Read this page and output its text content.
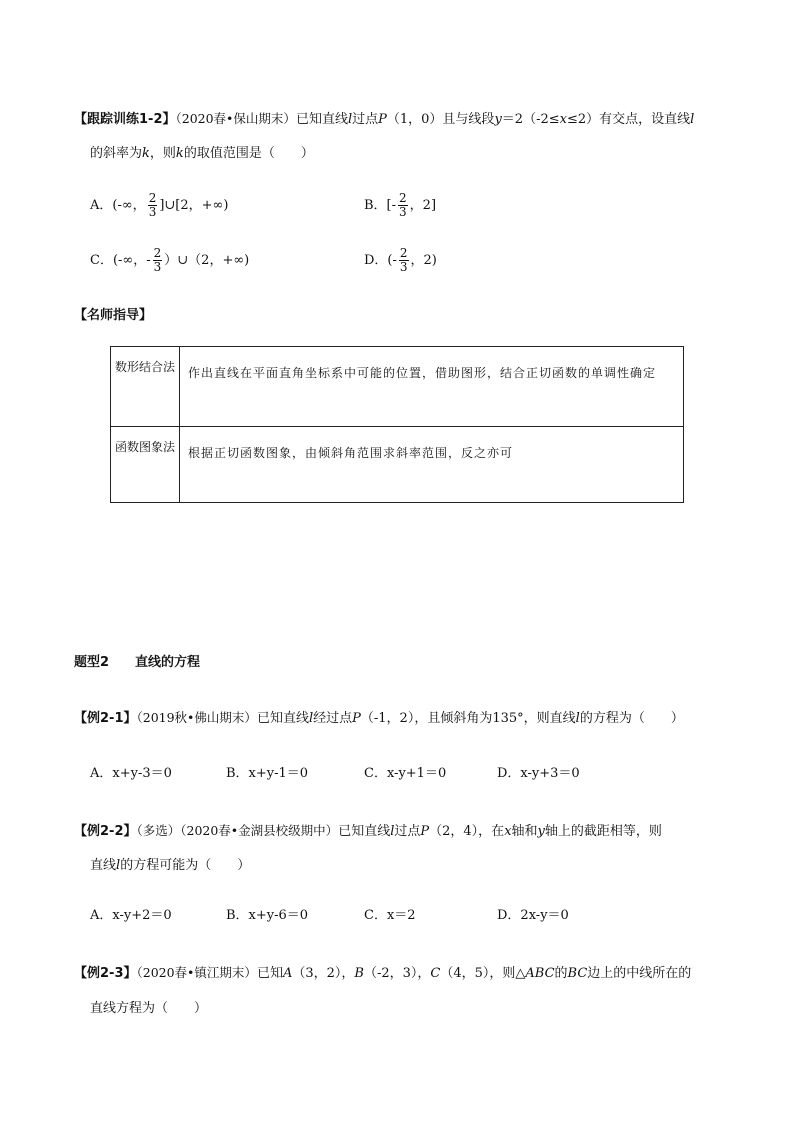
【跟踪训练1-2】（2020春•保山期末）已知直线l过点P（1，0）且与线段y＝2（-2≤x≤2）有交点，设直线l
的斜率为k，则k的取值范围是（　　）
A．(-∞， $\frac{2}{3}$ ]∪[2，+∞)	B．[- $\frac{2}{3}$ ，2]
C．(-∞，- $\frac{2}{3}$ ）∪（2，+∞)	D．(- $\frac{2}{3}$ ，2)
【名师指导】
数形结合法	作出直线在平面直角坐标系中可能的位置，借助图形，结合正切函数的单调性确定
函数图象法	根据正切函数图象，由倾斜角范围求斜率范围，反之亦可
题型2　　直线的方程
【例2-1】（2019秋•佛山期末）已知直线l经过点P（-1，2），且倾斜角为135°，则直线l的方程为（　　）
A．x+y-3＝0	B．x+y-1＝0	C．x-y+1＝0	D．x-y+3＝0
【例2-2】（多选）（2020春•金湖县校级期中）已知直线l过点P（2，4），在x轴和y轴上的截距相等，则
直线l的方程可能为（　　）
A．x-y+2＝0	B．x+y-6＝0	C．x＝2	D．2x-y＝0
【例2-3】（2020春•镇江期末）已知A（3，2），B（-2，3），C（4，5），则△ABC的BC边上的中线所在的
直线方程为（　　）
